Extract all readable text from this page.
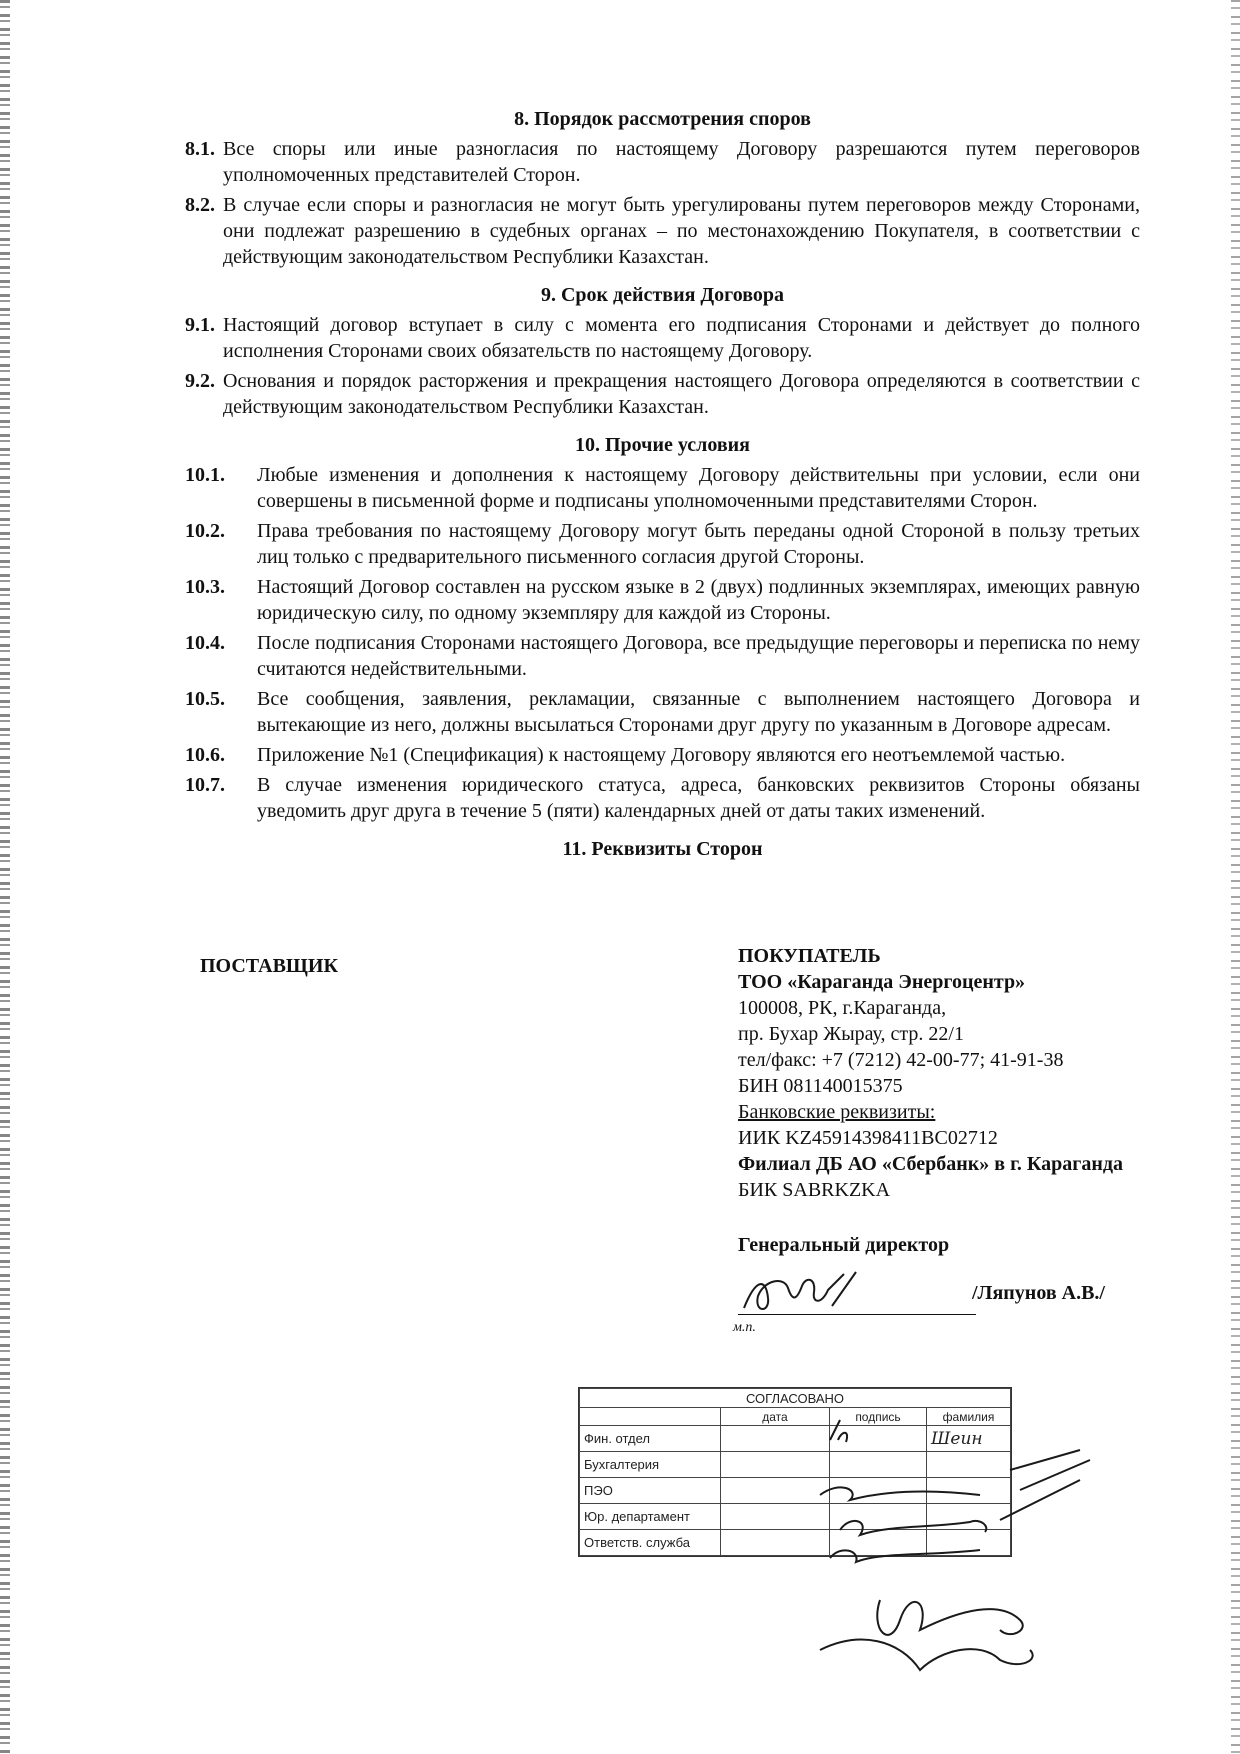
8. Порядок рассмотрения споров
8.1. Все споры или иные разногласия по настоящему Договору разрешаются путем переговоров уполномоченных представителей Сторон.
8.2. В случае если споры и разногласия не могут быть урегулированы путем переговоров между Сторонами, они подлежат разрешению в судебных органах – по местонахождению Покупателя, в соответствии с действующим законодательством Республики Казахстан.
9. Срок действия Договора
9.1. Настоящий договор вступает в силу с момента его подписания Сторонами и действует до полного исполнения Сторонами своих обязательств по настоящему Договору.
9.2. Основания и порядок расторжения и прекращения настоящего Договора определяются в соответствии с действующим законодательством Республики Казахстан.
10. Прочие условия
10.1.	Любые изменения и дополнения к настоящему Договору действительны при условии, если они совершены в письменной форме и подписаны уполномоченными представителями Сторон.
10.2.	Права требования по настоящему Договору могут быть переданы одной Стороной в пользу третьих лиц только с предварительного письменного согласия другой Стороны.
10.3.	Настоящий Договор составлен на русском языке в 2 (двух) подлинных экземплярах, имеющих равную юридическую силу, по одному экземпляру для каждой из Стороны.
10.4.	После подписания Сторонами настоящего Договора, все предыдущие переговоры и переписка по нему считаются недействительными.
10.5.	Все сообщения, заявления, рекламации, связанные с выполнением настоящего Договора и вытекающие из него, должны высылаться Сторонами друг другу по указанным в Договоре адресам.
10.6.	Приложение №1 (Спецификация) к настоящему Договору являются его неотъемлемой частью.
10.7.	В случае изменения юридического статуса, адреса, банковских реквизитов Стороны обязаны уведомить друг друга в течение 5 (пяти) календарных дней от даты таких изменений.
11. Реквизиты Сторон
ПОСТАВЩИК	ПОКУПАТЕЛЬ
ТОО «Караганда Энергоцентр»
100008, РК, г.Караганда,
пр. Бухар Жырау, стр. 22/1
тел/факс: +7 (7212) 42-00-77; 41-91-38
БИН 081140015375
Банковские реквизиты:
ИИК KZ45914398411BC02712
Филиал ДБ АО «Сбербанк» в г. Караганда
БИК SABRKZKA
Генеральный директор
/Ляпунов А.В./
м.п.
СОГЛАСОВАНО			
	дата	подпись	фамилия
Фин. отдел			Шеин
Бухгалтерия			
ПЭО			
Юр. департамент			
Ответств. служба			
